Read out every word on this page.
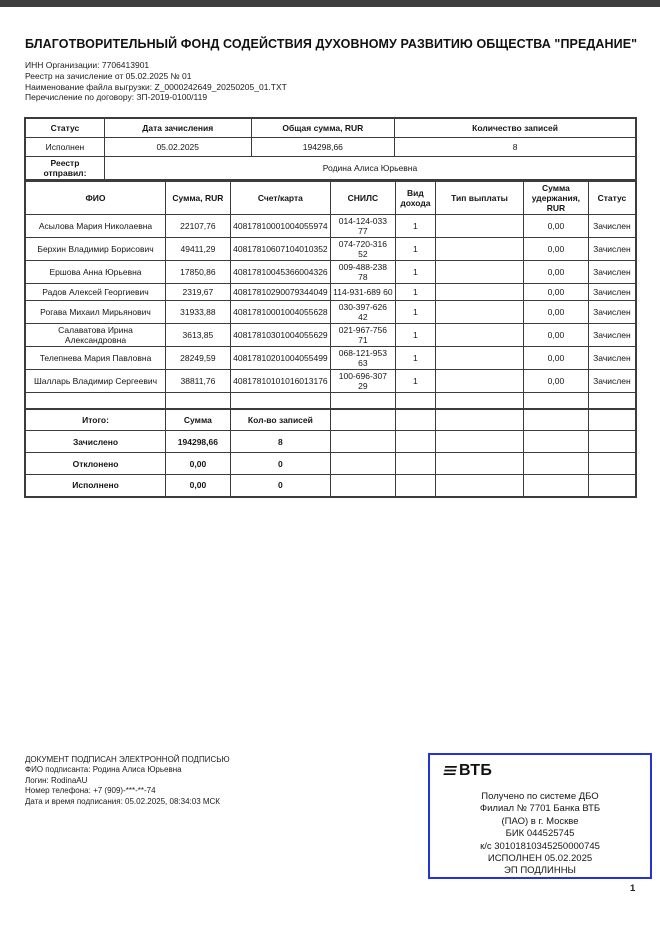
БЛАГОТВОРИТЕЛЬНЫЙ ФОНД СОДЕЙСТВИЯ ДУХОВНОМУ РАЗВИТИЮ ОБЩЕСТВА "ПРЕДАНИЕ"
ИНН Организации: 7706413901
Реестр на зачисление от 05.02.2025 № 01
Наименование файла выгрузки: Z_0000242649_20250205_01.TXT
Перечисление по договору: ЗП-2019-0100/119
Статус	Дата зачисления	Общая сумма, RUR	Количество записей
Исполнен	05.02.2025	194298,66	8
Реестр отправил:	Родина Алиса Юрьевна		
ФИО	Сумма, RUR	Счет/карта	СНИЛС	Вид дохода	Тип выплаты	Сумма удержания, RUR	Статус
Асылова Мария Николаевна	22107,76	40817810001004055974	014-124-033 77	1		0,00	Зачислен
Берхин Владимир Борисович	49411,29	40817810607104010352	074-720-316 52	1		0,00	Зачислен
Ершова Анна Юрьевна	17850,86	40817810045366004326	009-488-238 78	1		0,00	Зачислен
Радов Алексей Георгиевич	2319,67	40817810290079344049	114-931-689 60	1		0,00	Зачислен
Рогава Михаил Мирьянович	31933,88	40817810001004055628	030-397-626 42	1		0,00	Зачислен
Салаватова Ирина Александровна	3613,85	40817810301004055629	021-967-756 71	1		0,00	Зачислен
Телепнева Мария Павловна	28249,59	40817810201004055499	068-121-953 63	1		0,00	Зачислен
Шалларь Владимир Сергеевич	38811,76	40817810101016013176	100-696-307 29	1		0,00	Зачислен

Итого:	Сумма	Кол-во записей					
Зачислено	194298,66	8					
Отклонено	0,00	0					
Исполнено	0,00	0					
ДОКУМЕНТ ПОДПИСАН ЭЛЕКТРОННОЙ ПОДПИСЬЮ
ФИО подписанта: Родина Алиса Юрьевна
Логин: RodinaAU
Номер телефона: +7 (909)-***-**-74
Дата и время подписания: 05.02.2025, 08:34:03 МСК
ВТБ
Получено по системе ДБО
Филиал № 7701 Банка ВТБ
(ПАО) в г. Москве
БИК 044525745
к/с 30101810345250000745
ИСПОЛНЕН 05.02.2025
ЭП ПОДЛИННЫ
1
